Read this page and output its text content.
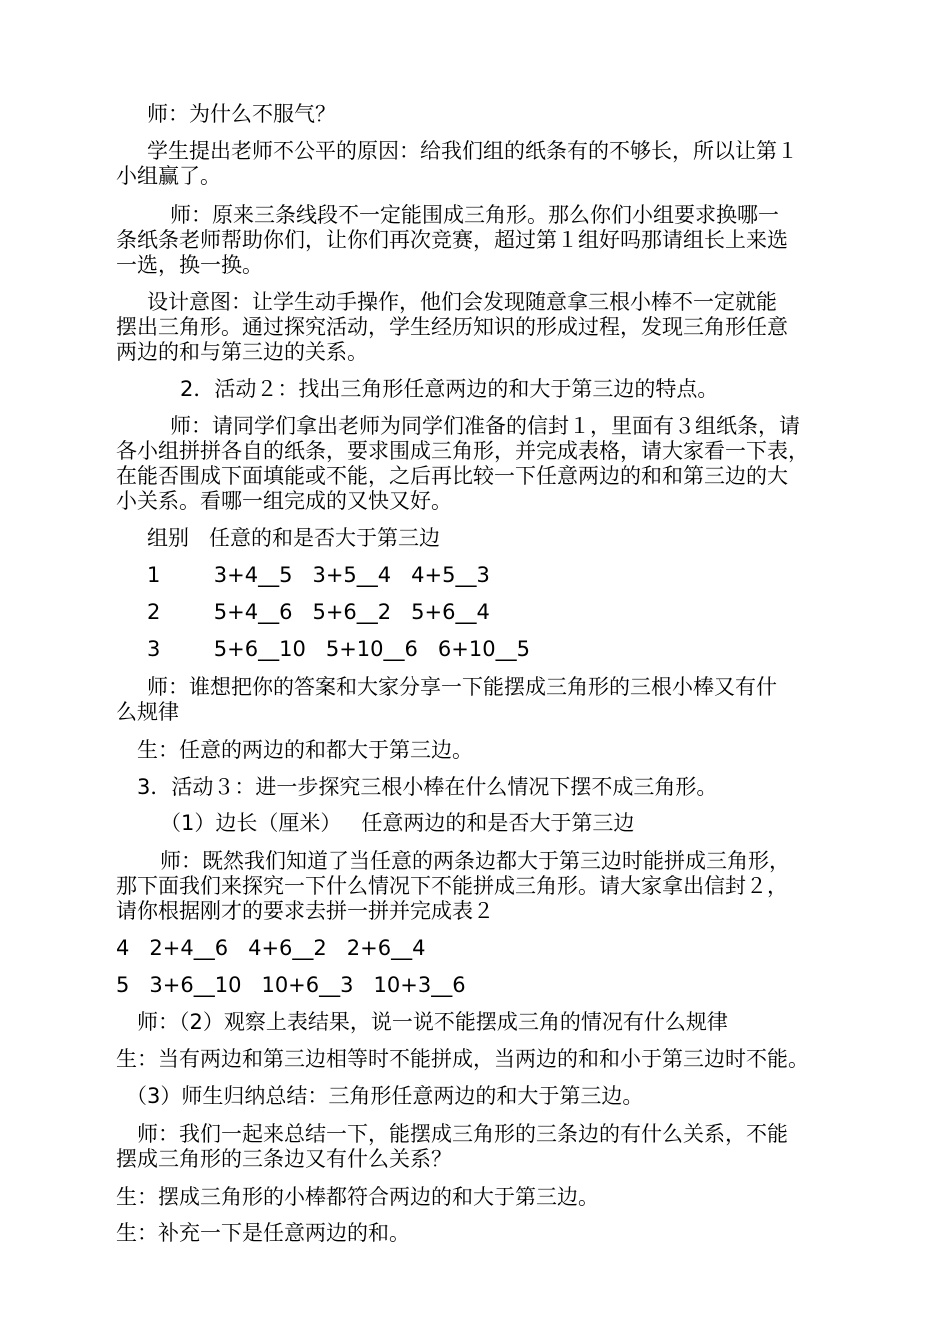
师：为什么不服气？

学生提出老师不公平的原因：给我们组的纸条有的不够长，所以让第１
小组赢了。
师：原来三条线段不一定能围成三角形。那么你们小组要求换哪一
条纸条老师帮助你们，让你们再次竞赛，超过第１组好吗那请组长上来选
一选，换一换。
设计意图：让学生动手操作，他们会发现随意拿三根小棒不一定就能
摆出三角形。通过探究活动，学生经历知识的形成过程，发现三角形任意
两边的和与第三边的关系。

2．活动２：找出三角形任意两边的和大于第三边的特点。

师：请同学们拿出老师为同学们准备的信封１，里面有３组纸条，请
各小组拼拼各自的纸条，要求围成三角形，并完成表格，请大家看一下表，
在能否围成下面填能或不能，之后再比较一下任意两边的和和第三边的大
小关系。看哪一组完成的又快又好。

组别   任意的和是否大于第三边

1        3+4__5   3+5__4   4+5__3

2        5+4__6   5+6__2   5+6__4

3        5+6__10   5+10__6   6+10__5

师：谁想把你的答案和大家分享一下能摆成三角形的三根小棒又有什
么规律

生：任意的两边的和都大于第三边。

3．活动３：进一步探究三根小棒在什么情况下摆不成三角形。

（1）边长（厘米）   任意两边的和是否大于第三边

师：既然我们知道了当任意的两条边都大于第三边时能拼成三角形，
那下面我们来探究一下什么情况下不能拼成三角形。请大家拿出信封２，
请你根据刚才的要求去拼一拼并完成表２

4   2+4__6   4+6__2   2+6__4

5   3+6__10   10+6__3   10+3__6

师：（2）观察上表结果，说一说不能摆成三角的情况有什么规律

生：当有两边和第三边相等时不能拼成，当两边的和和小于第三边时不能。

（3）师生归纳总结：三角形任意两边的和大于第三边。

师：我们一起来总结一下，能摆成三角形的三条边的有什么关系，不能
摆成三角形的三条边又有什么关系？

生：摆成三角形的小棒都符合两边的和大于第三边。

生：补充一下是任意两边的和。
